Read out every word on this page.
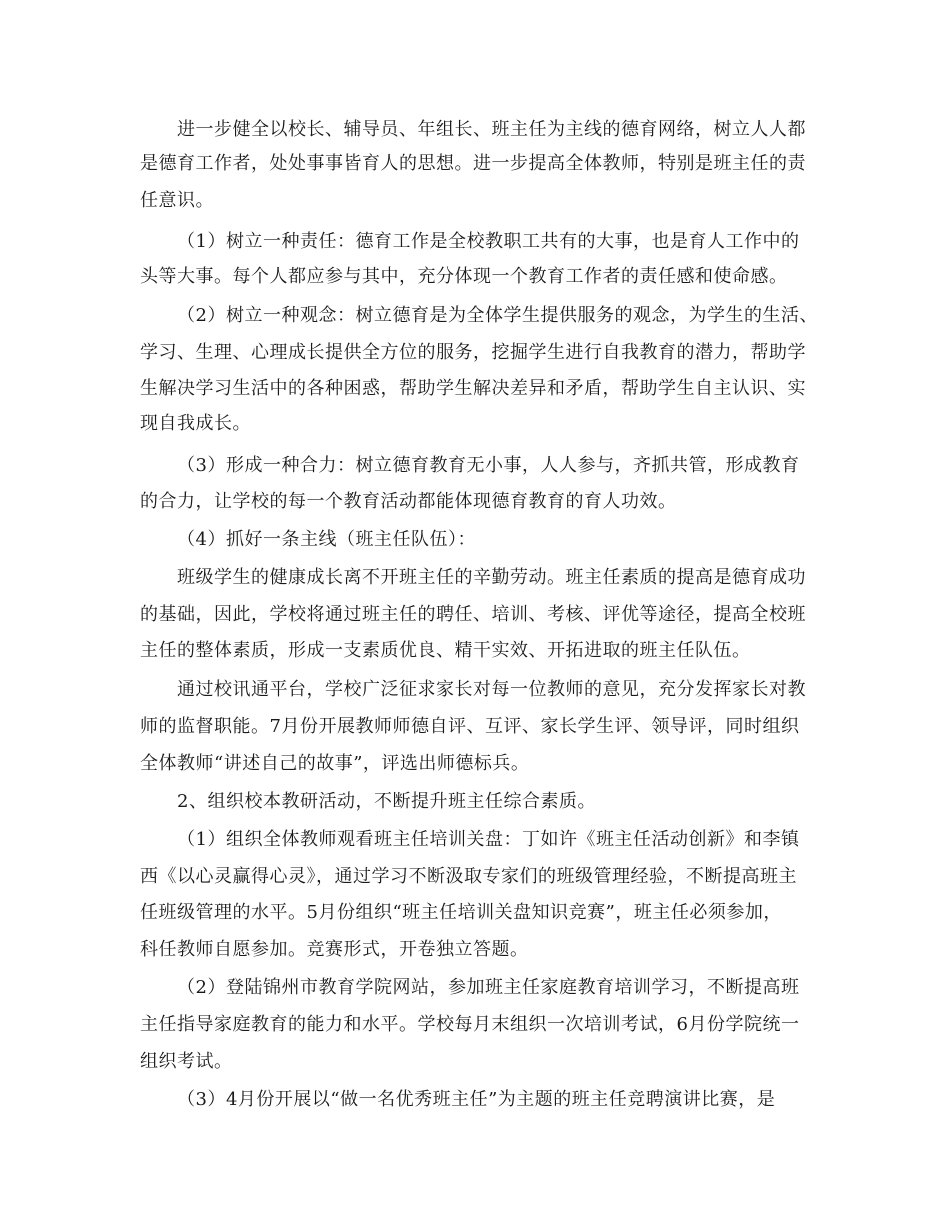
进一步健全以校长、辅导员、年组长、班主任为主线的德育网络，树立人人都
是德育工作者，处处事事皆育人的思想。进一步提高全体教师，特别是班主任的责
任意识。
（1）树立一种责任：德育工作是全校教职工共有的大事，也是育人工作中的
头等大事。每个人都应参与其中，充分体现一个教育工作者的责任感和使命感。
（2）树立一种观念：树立德育是为全体学生提供服务的观念，为学生的生活、
学习、生理、心理成长提供全方位的服务，挖掘学生进行自我教育的潜力，帮助学
生解决学习生活中的各种困惑，帮助学生解决差异和矛盾，帮助学生自主认识、实
现自我成长。
（3）形成一种合力：树立德育教育无小事，人人参与，齐抓共管，形成教育
的合力，让学校的每一个教育活动都能体现德育教育的育人功效。
（4）抓好一条主线（班主任队伍）：
班级学生的健康成长离不开班主任的辛勤劳动。班主任素质的提高是德育成功
的基础，因此，学校将通过班主任的聘任、培训、考核、评优等途径，提高全校班
主任的整体素质，形成一支素质优良、精干实效、开拓进取的班主任队伍。
通过校讯通平台，学校广泛征求家长对每一位教师的意见，充分发挥家长对教
师的监督职能。7月份开展教师师德自评、互评、家长学生评、领导评，同时组织
全体教师“讲述自己的故事”，评选出师德标兵。
2、组织校本教研活动，不断提升班主任综合素质。
（1）组织全体教师观看班主任培训关盘：丁如许《班主任活动创新》和李镇
西《以心灵赢得心灵》，通过学习不断汲取专家们的班级管理经验，不断提高班主
任班级管理的水平。5月份组织“班主任培训关盘知识竞赛”，班主任必须参加，
科任教师自愿参加。竞赛形式，开卷独立答题。
（2）登陆锦州市教育学院网站，参加班主任家庭教育培训学习，不断提高班
主任指导家庭教育的能力和水平。学校每月末组织一次培训考试，6月份学院统一
组织考试。
（3）4月份开展以“做一名优秀班主任”为主题的班主任竞聘演讲比赛，是
